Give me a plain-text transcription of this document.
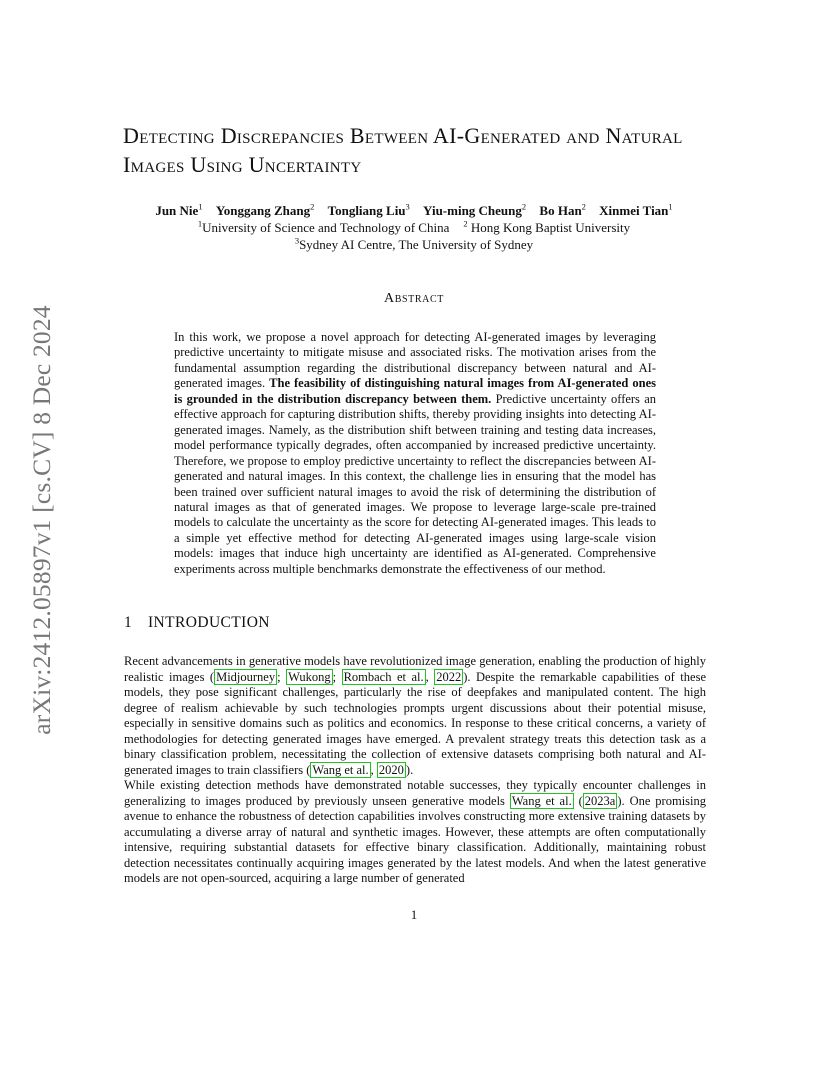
arXiv:2412.05897v1 [cs.CV] 8 Dec 2024
Detecting Discrepancies Between AI-Generated and Natural Images Using Uncertainty
Jun Nie$^1$ Yonggang Zhang$^2$ Tongliang Liu$^3$ Yiu-ming Cheung$^2$ Bo Han$^2$ Xinmei Tian$^1$
$^1$University of Science and Technology of China $^2$ Hong Kong Baptist University
$^3$Sydney AI Centre, The University of Sydney
Abstract
In this work, we propose a novel approach for detecting AI-generated images by leveraging predictive uncertainty to mitigate misuse and associated risks. The motivation arises from the fundamental assumption regarding the distributional discrepancy between natural and AI-generated images. The feasibility of distinguishing natural images from AI-generated ones is grounded in the distribution discrepancy between them. Predictive uncertainty offers an effective approach for capturing distribution shifts, thereby providing insights into detecting AI-generated images. Namely, as the distribution shift between training and testing data increases, model performance typically degrades, often accompanied by increased predictive uncertainty. Therefore, we propose to employ predictive uncertainty to reflect the discrepancies between AI-generated and natural images. In this context, the challenge lies in ensuring that the model has been trained over sufficient natural images to avoid the risk of determining the distribution of natural images as that of generated images. We propose to leverage large-scale pre-trained models to calculate the uncertainty as the score for detecting AI-generated images. This leads to a simple yet effective method for detecting AI-generated images using large-scale vision models: images that induce high uncertainty are identified as AI-generated. Comprehensive experiments across multiple benchmarks demonstrate the effectiveness of our method.
1 INTRODUCTION

Recent advancements in generative models have revolutionized image generation, enabling the production of highly realistic images ( Midjourney ; Wukong ; Rombach et al. , 2022 ). Despite the remarkable capabilities of these models, they pose significant challenges, particularly the rise of deepfakes and manipulated content. The high degree of realism achievable by such technologies prompts urgent discussions about their potential misuse, especially in sensitive domains such as politics and economics. In response to these critical concerns, a variety of methodologies for detecting generated images have emerged. A prevalent strategy treats this detection task as a binary classification problem, necessitating the collection of extensive datasets comprising both natural and AI-generated images to train classifiers ( Wang et al. , 2020 ).

While existing detection methods have demonstrated notable successes, they typically encounter challenges in generalizing to images produced by previously unseen generative models Wang et al. ( 2023a ). One promising avenue to enhance the robustness of detection capabilities involves constructing more extensive training datasets by accumulating a diverse array of natural and synthetic images. However, these attempts are often computationally intensive, requiring substantial datasets for effective binary classification. Additionally, maintaining robust detection necessitates continually acquiring images generated by the latest models. And when the latest generative models are not open-sourced, acquiring a large number of generated

1
